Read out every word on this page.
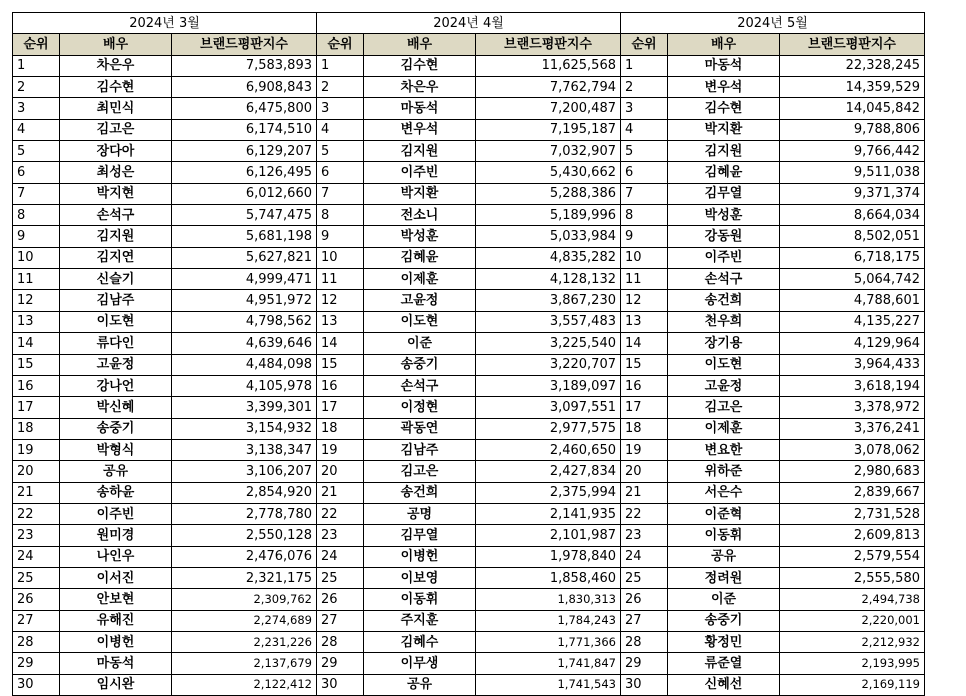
2024년 3월			2024년 4월			2024년 5월		
순위	배우	브랜드평판지수	순위	배우	브랜드평판지수	순위	배우	브랜드평판지수
1	차은우	7,583,893	1	김수현	11,625,568	1	마동석	22,328,245
2	김수현	6,908,843	2	차은우	7,762,794	2	변우석	14,359,529
3	최민식	6,475,800	3	마동석	7,200,487	3	김수현	14,045,842
4	김고은	6,174,510	4	변우석	7,195,187	4	박지환	9,788,806
5	장다아	6,129,207	5	김지원	7,032,907	5	김지원	9,766,442
6	최성은	6,126,495	6	이주빈	5,430,662	6	김혜윤	9,511,038
7	박지현	6,012,660	7	박지환	5,288,386	7	김무열	9,371,374
8	손석구	5,747,475	8	전소니	5,189,996	8	박성훈	8,664,034
9	김지원	5,681,198	9	박성훈	5,033,984	9	강동원	8,502,051
10	김지연	5,627,821	10	김혜윤	4,835,282	10	이주빈	6,718,175
11	신슬기	4,999,471	11	이제훈	4,128,132	11	손석구	5,064,742
12	김남주	4,951,972	12	고윤정	3,867,230	12	송건희	4,788,601
13	이도현	4,798,562	13	이도현	3,557,483	13	천우희	4,135,227
14	류다인	4,639,646	14	이준	3,225,540	14	장기용	4,129,964
15	고윤정	4,484,098	15	송중기	3,220,707	15	이도현	3,964,433
16	강나언	4,105,978	16	손석구	3,189,097	16	고윤정	3,618,194
17	박신혜	3,399,301	17	이정현	3,097,551	17	김고은	3,378,972
18	송중기	3,154,932	18	곽동연	2,977,575	18	이제훈	3,376,241
19	박형식	3,138,347	19	김남주	2,460,650	19	변요한	3,078,062
20	공유	3,106,207	20	김고은	2,427,834	20	위하준	2,980,683
21	송하윤	2,854,920	21	송건희	2,375,994	21	서은수	2,839,667
22	이주빈	2,778,780	22	공명	2,141,935	22	이준혁	2,731,528
23	원미경	2,550,128	23	김무열	2,101,987	23	이동휘	2,609,813
24	나인우	2,476,076	24	이병헌	1,978,840	24	공유	2,579,554
25	이서진	2,321,175	25	이보영	1,858,460	25	정려원	2,555,580
26	안보현	2,309,762	26	이동휘	1,830,313	26	이준	2,494,738
27	유해진	2,274,689	27	주지훈	1,784,243	27	송중기	2,220,001
28	이병헌	2,231,226	28	김혜수	1,771,366	28	황정민	2,212,932
29	마동석	2,137,679	29	이무생	1,741,847	29	류준열	2,193,995
30	임시완	2,122,412	30	공유	1,741,543	30	신혜선	2,169,119
